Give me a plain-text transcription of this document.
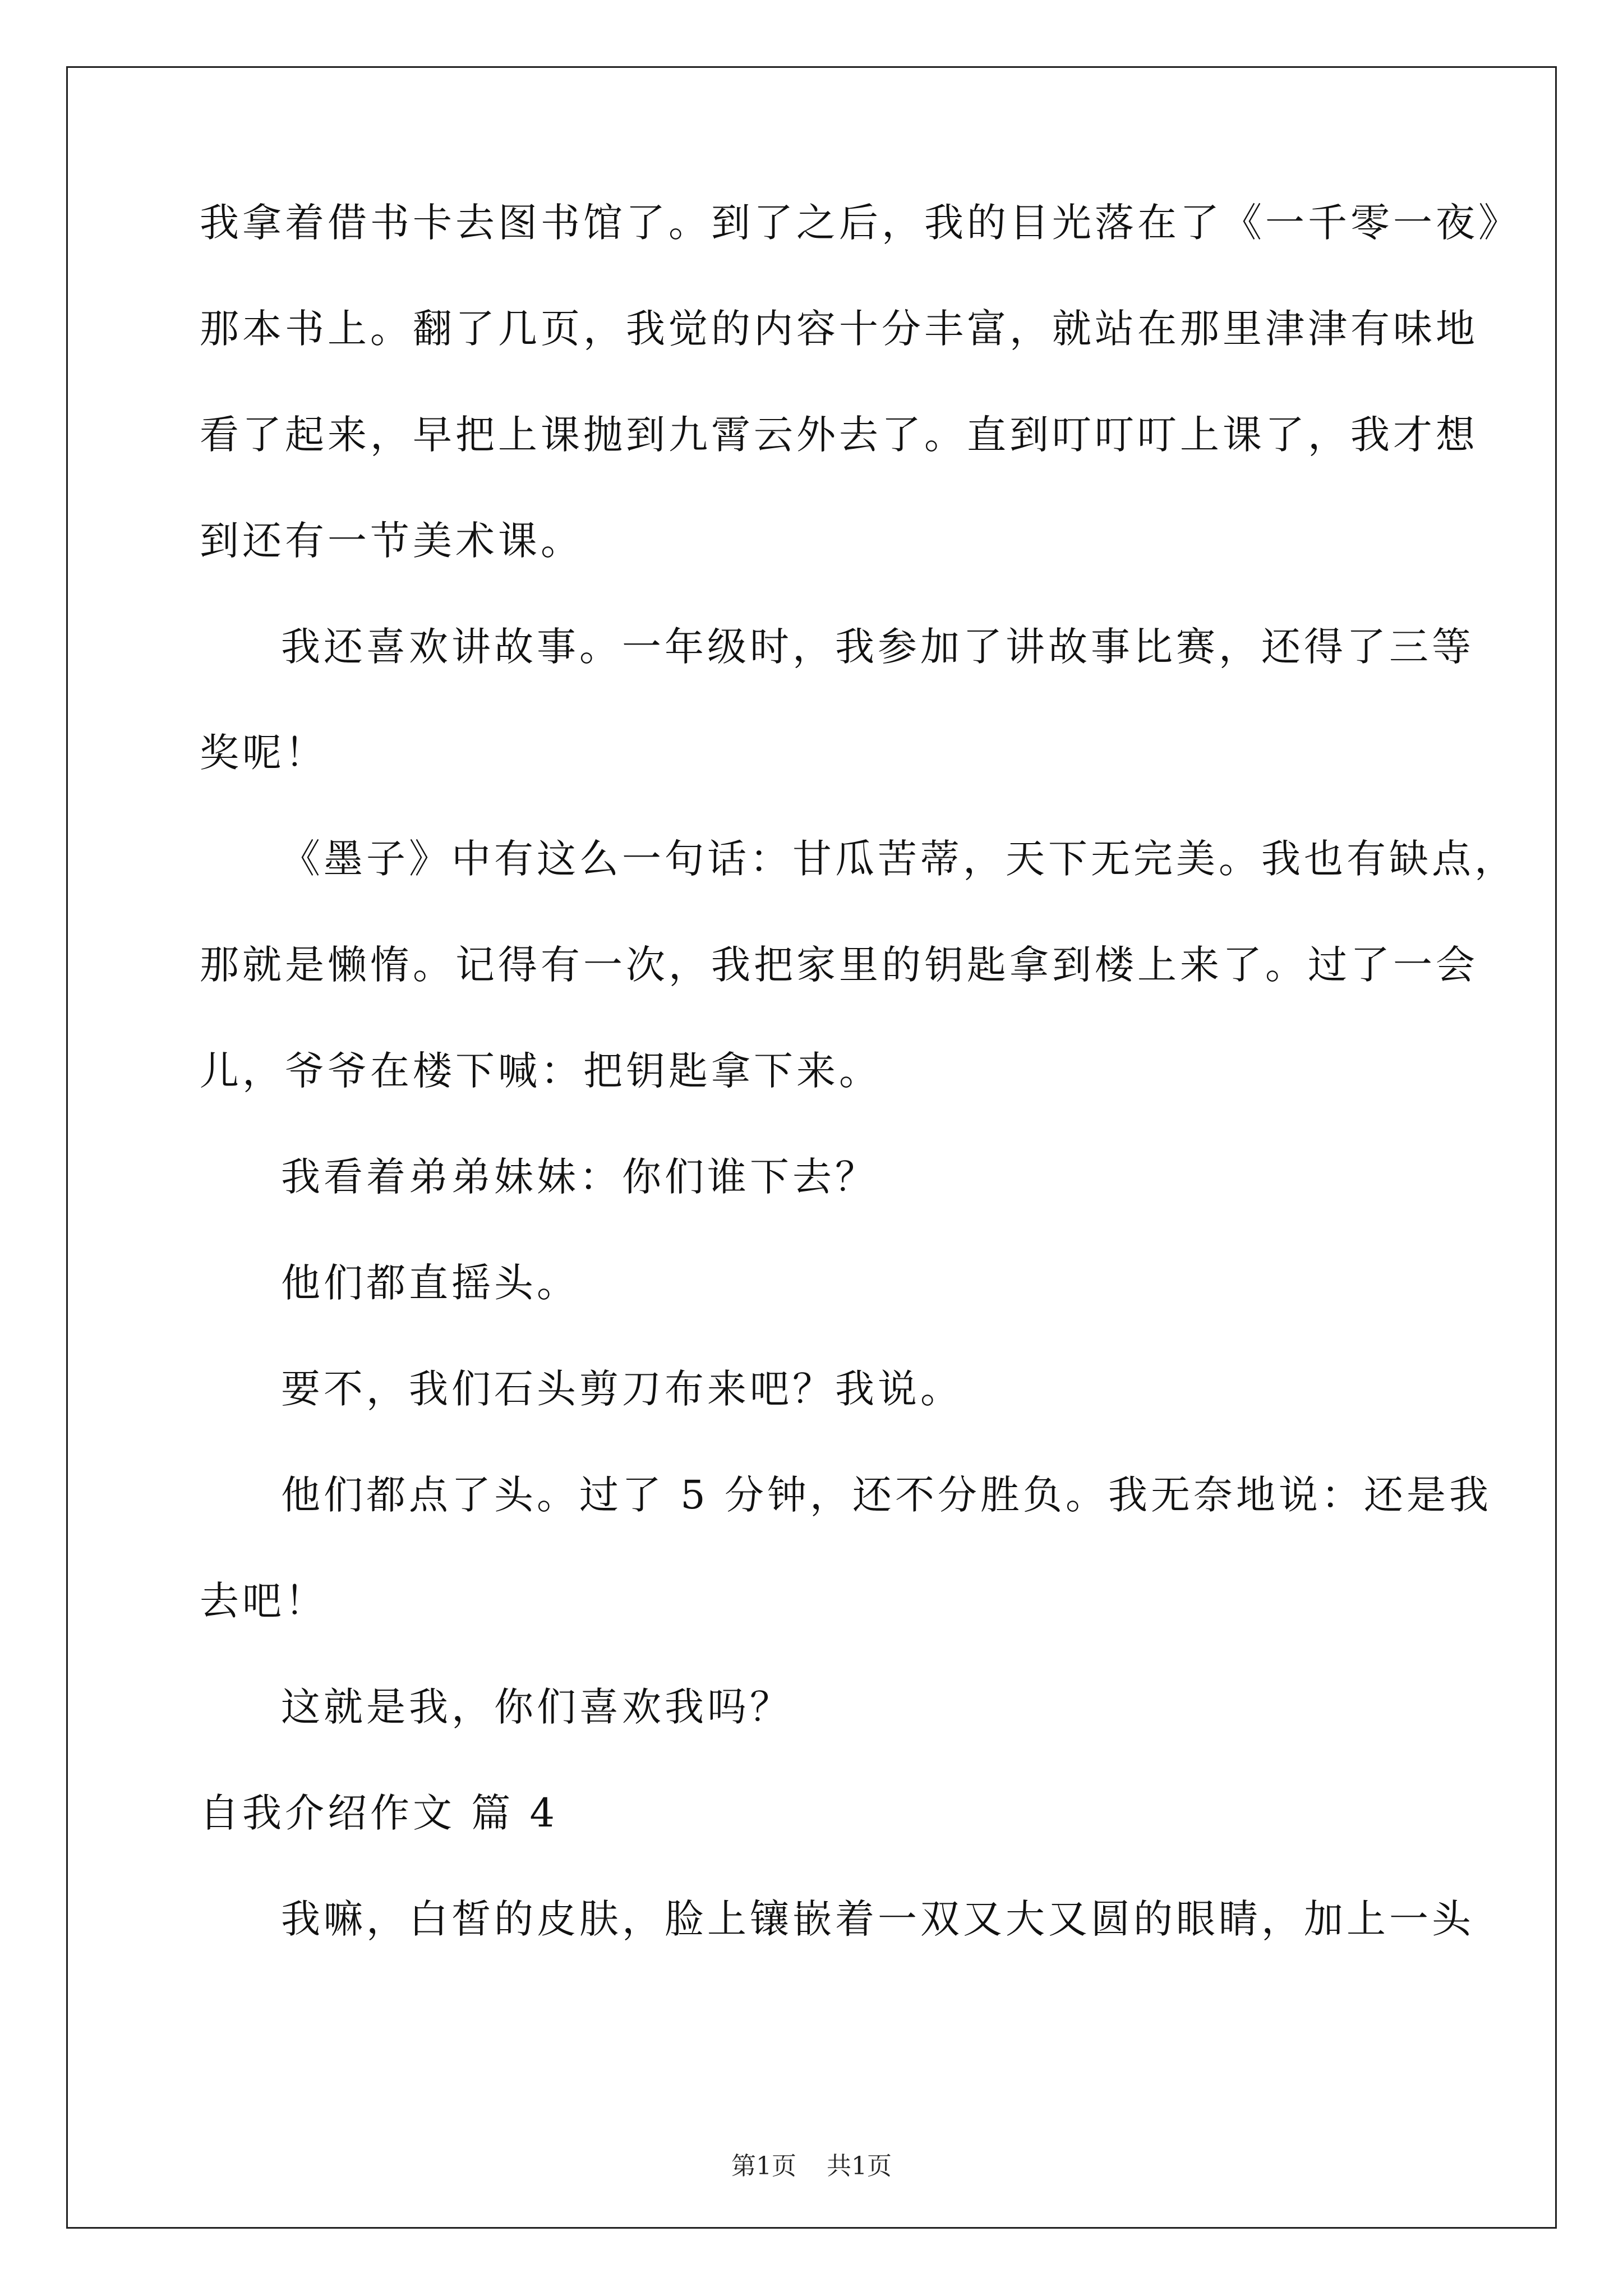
我拿着借书卡去图书馆了。到了之后，我的目光落在了《一千零一夜》
那本书上。翻了几页，我觉的内容十分丰富，就站在那里津津有味地
看了起来，早把上课抛到九霄云外去了。直到叮叮叮上课了，我才想
到还有一节美术课。
我还喜欢讲故事。一年级时，我参加了讲故事比赛，还得了三等
奖呢！
《墨子》中有这么一句话：甘瓜苦蒂，天下无完美。我也有缺点，
那就是懒惰。记得有一次，我把家里的钥匙拿到楼上来了。过了一会
儿，爷爷在楼下喊：把钥匙拿下来。
我看着弟弟妹妹：你们谁下去？
他们都直摇头。
要不，我们石头剪刀布来吧？我说。
他们都点了头。过了 5 分钟，还不分胜负。我无奈地说：还是我
去吧！
这就是我，你们喜欢我吗？
自我介绍作文 篇 4
我嘛，白皙的皮肤，脸上镶嵌着一双又大又圆的眼睛，加上一头
第1页 共1页
